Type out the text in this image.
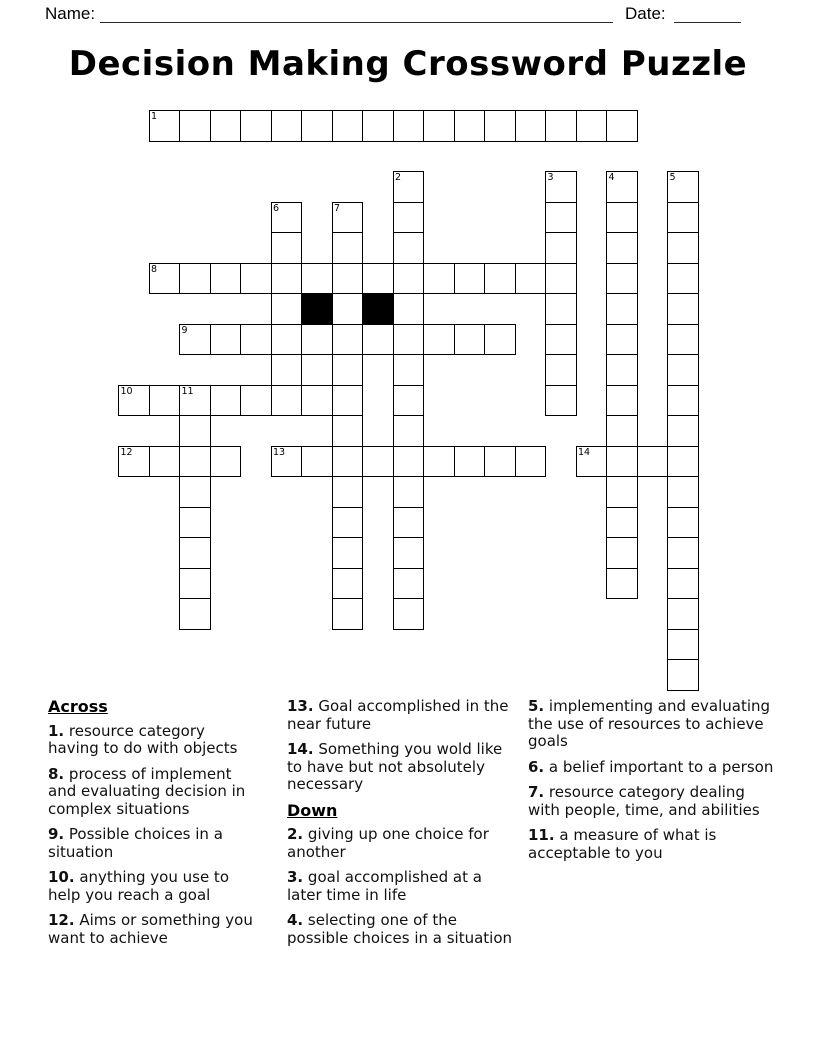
Name:	Date:
Decision Making Crossword Puzzle
1
8
9
10	11
12	13	14
2	3	4	5
6	7
Across
1. resource category having to do with objects
8. process of implement and evaluating decision in complex situations
9. Possible choices in a situation
10. anything you use to help you reach a goal
12. Aims or something you want to achieve
13. Goal accomplished in the near future
14. Something you wold like to have but not absolutely necessary
Down
2. giving up one choice for another
3. goal accomplished at a later time in life
4. selecting one of the possible choices in a situation
5. implementing and evaluating the use of resources to achieve goals
6. a belief important to a person
7. resource category dealing with people, time, and abilities
11. a measure of what is acceptable to you
